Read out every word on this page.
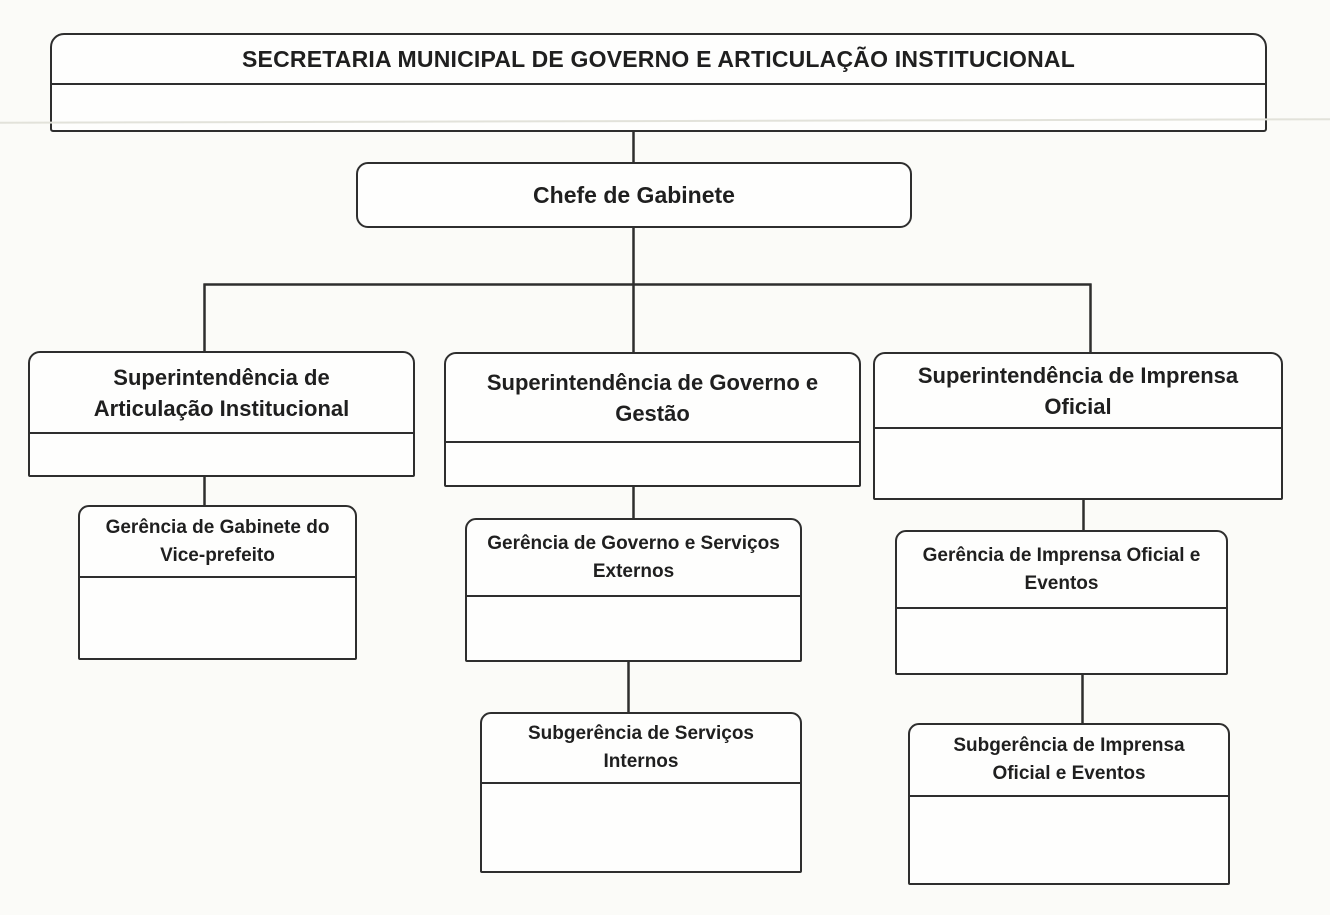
SECRETARIA MUNICIPAL DE GOVERNO E ARTICULAÇÃO INSTITUCIONAL
Chefe de Gabinete
Superintendência de
Articulação Institucional
Superintendência de Governo e
Gestão
Superintendência de Imprensa
Oficial
Gerência de Gabinete do
Vice-prefeito
Gerência de Governo e Serviços
Externos
Gerência de Imprensa Oficial e
Eventos
Subgerência de Serviços
Internos
Subgerência de Imprensa
Oficial e Eventos
